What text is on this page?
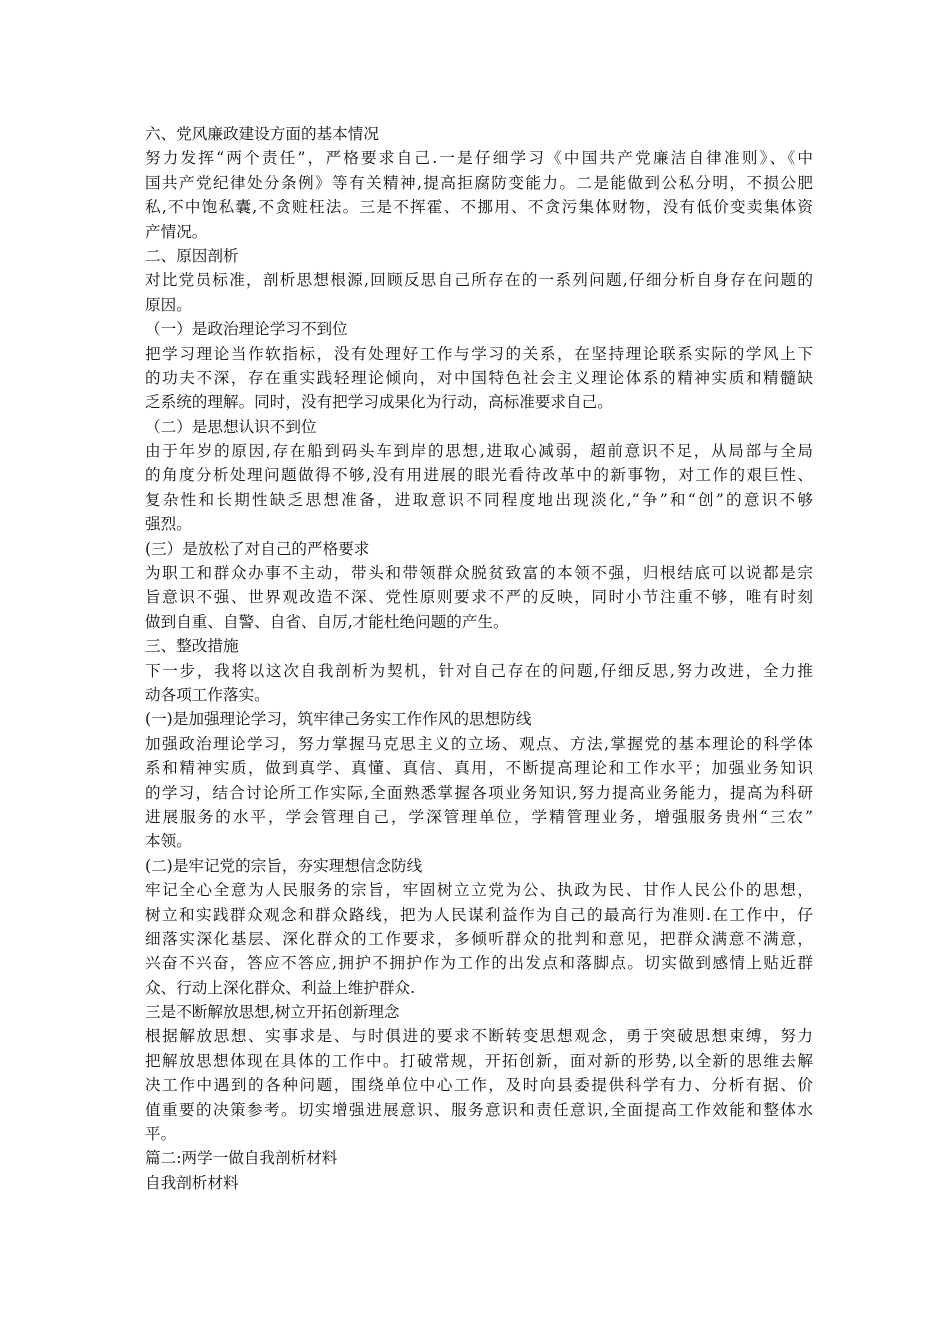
六、党风廉政建设方面的基本情况
努力发挥“两个责任”，严格要求自己.一是仔细学习《中国共产党廉洁自律准则》、《中
国共产党纪律处分条例》等有关精神,提高拒腐防变能力。二是能做到公私分明，不损公肥
私,不中饱私囊,不贪赃枉法。三是不挥霍、不挪用、不贪污集体财物，没有低价变卖集体资
产情况。
二、原因剖析
对比党员标准，剖析思想根源,回顾反思自己所存在的一系列问题,仔细分析自身存在问题的
原因。
（一）是政治理论学习不到位
把学习理论当作软指标，没有处理好工作与学习的关系，在坚持理论联系实际的学风上下
的功夫不深，存在重实践轻理论倾向，对中国特色社会主义理论体系的精神实质和精髓缺
乏系统的理解。同时，没有把学习成果化为行动，高标准要求自己。
（二）是思想认识不到位
由于年岁的原因,存在船到码头车到岸的思想,进取心减弱，超前意识不足，从局部与全局
的角度分析处理问题做得不够,没有用进展的眼光看待改革中的新事物，对工作的艰巨性、
复杂性和长期性缺乏思想准备，进取意识不同程度地出现淡化,“争”和“创”的意识不够
强烈。
(三）是放松了对自己的严格要求
为职工和群众办事不主动，带头和带领群众脱贫致富的本领不强，归根结底可以说都是宗
旨意识不强、世界观改造不深、党性原则要求不严的反映，同时小节注重不够，唯有时刻
做到自重、自警、自省、自厉,才能杜绝问题的产生。
三、整改措施
下一步，我将以这次自我剖析为契机，针对自己存在的问题,仔细反思,努力改进，全力推
动各项工作落实。
(一)是加强理论学习，筑牢律己务实工作作风的思想防线
加强政治理论学习，努力掌握马克思主义的立场、观点、方法,掌握党的基本理论的科学体
系和精神实质，做到真学、真懂、真信、真用，不断提高理论和工作水平；加强业务知识
的学习，结合讨论所工作实际,全面熟悉掌握各项业务知识,努力提高业务能力，提高为科研
进展服务的水平，学会管理自己，学深管理单位，学精管理业务，增强服务贵州“三农”
本领。
(二)是牢记党的宗旨，夯实理想信念防线
牢记全心全意为人民服务的宗旨，牢固树立立党为公、执政为民、甘作人民公仆的思想，
树立和实践群众观念和群众路线，把为人民谋利益作为自己的最高行为准则.在工作中，仔
细落实深化基层、深化群众的工作要求，多倾听群众的批判和意见，把群众满意不满意，
兴奋不兴奋，答应不答应,拥护不拥护作为工作的出发点和落脚点。切实做到感情上贴近群
众、行动上深化群众、利益上维护群众.
三是不断解放思想,树立开拓创新理念
根据解放思想、实事求是、与时俱进的要求不断转变思想观念，勇于突破思想束缚，努力
把解放思想体现在具体的工作中。打破常规，开拓创新，面对新的形势,以全新的思维去解
决工作中遇到的各种问题，围绕单位中心工作，及时向县委提供科学有力、分析有据、价
值重要的决策参考。切实增强进展意识、服务意识和责任意识,全面提高工作效能和整体水
平。
篇二:两学一做自我剖析材料
自我剖析材料
